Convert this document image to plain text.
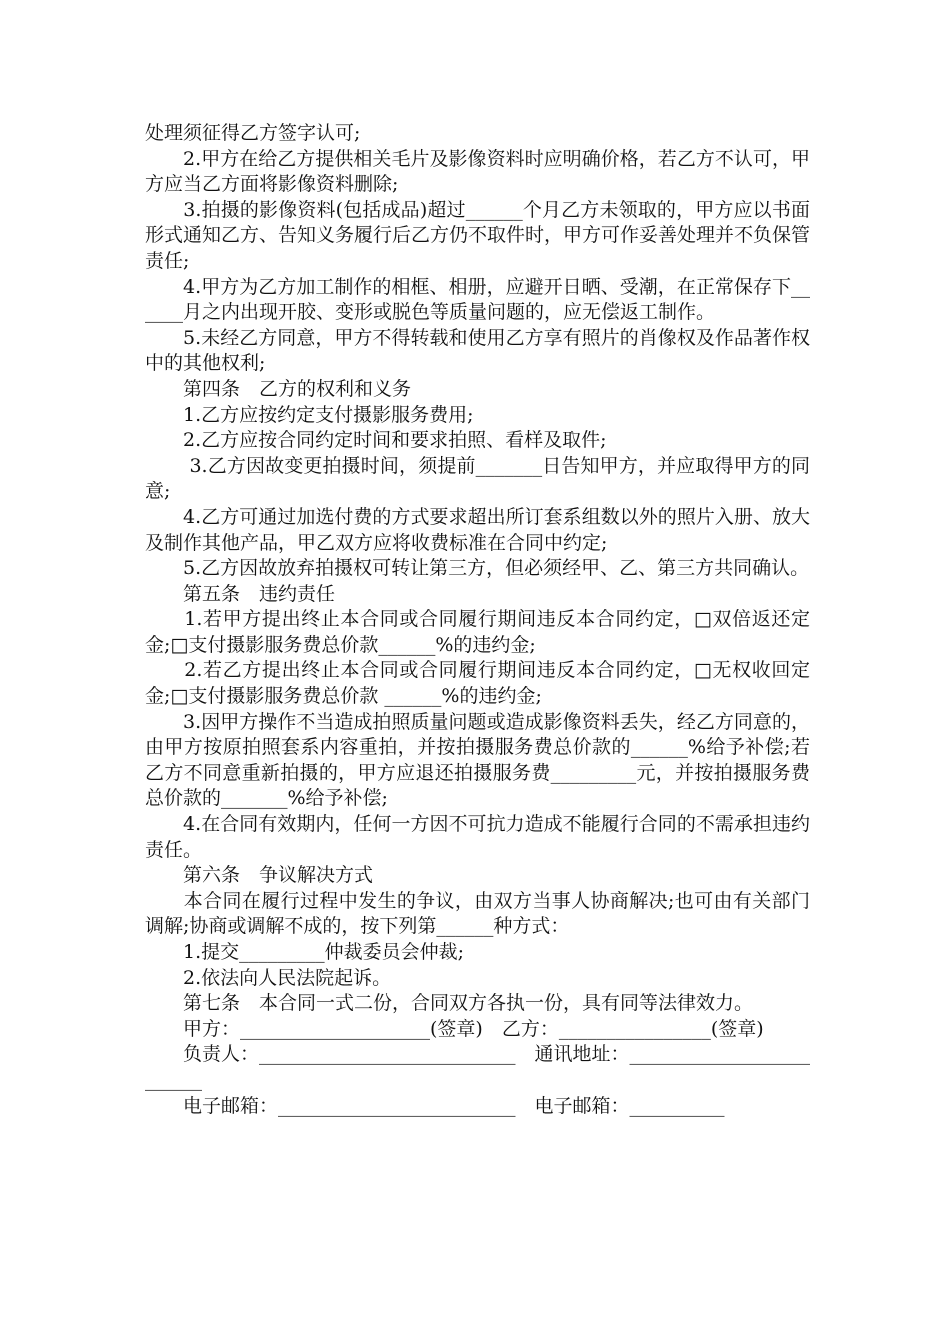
处理须征得乙方签字认可;

　　2.甲方在给乙方提供相关毛片及影像资料时应明确价格，若乙方不认可，甲方应当乙方面将影像资料删除;

　　3.拍摄的影像资料(包括成品)超过______个月乙方未领取的，甲方应以书面形式通知乙方、告知义务履行后乙方仍不取件时，甲方可作妥善处理并不负保管责任;

　　4.甲方为乙方加工制作的相框、相册，应避开日晒、受潮，在正常保存下______月之内出现开胶、变形或脱色等质量问题的，应无偿返工制作。

　　5.未经乙方同意，甲方不得转载和使用乙方享有照片的肖像权及作品著作权中的其他权利;

　　第四条　乙方的权利和义务

　　1.乙方应按约定支付摄影服务费用;

　　2.乙方应按合同约定时间和要求拍照、看样及取件;

　　 3.乙方因故变更拍摄时间，须提前_______日告知甲方，并应取得甲方的同意;

　　4.乙方可通过加选付费的方式要求超出所订套系组数以外的照片入册、放大及制作其他产品，甲乙双方应将收费标准在合同中约定;

　　5.乙方因故放弃拍摄权可转让第三方，但必须经甲、乙、第三方共同确认。

　　第五条　违约责任

　　1.若甲方提出终止本合同或合同履行期间违反本合同约定，□双倍返还定金;□支付摄影服务费总价款______%的违约金;

　　2.若乙方提出终止本合同或合同履行期间违反本合同约定，□无权收回定金;□支付摄影服务费总价款 ______%的违约金;

　　3.因甲方操作不当造成拍照质量问题或造成影像资料丢失，经乙方同意的，由甲方按原拍照套系内容重拍，并按拍摄服务费总价款的______%给予补偿;若乙方不同意重新拍摄的，甲方应退还拍摄服务费_________元，并按拍摄服务费总价款的_______%给予补偿;

　　4.在合同有效期内，任何一方因不可抗力造成不能履行合同的不需承担违约责任。

　　第六条　争议解决方式

　　本合同在履行过程中发生的争议，由双方当事人协商解决;也可由有关部门调解;协商或调解不成的，按下列第______种方式：

　　1.提交_________仲裁委员会仲裁;

　　2.依法向人民法院起诉。

　　第七条　本合同一式二份，合同双方各执一份，具有同等法律效力。

　　甲方：____________________(签章)　乙方：________________(签章)

　　负责人：___________________________　通讯地址：_________________________

　　电子邮箱：_________________________　电子邮箱：__________
